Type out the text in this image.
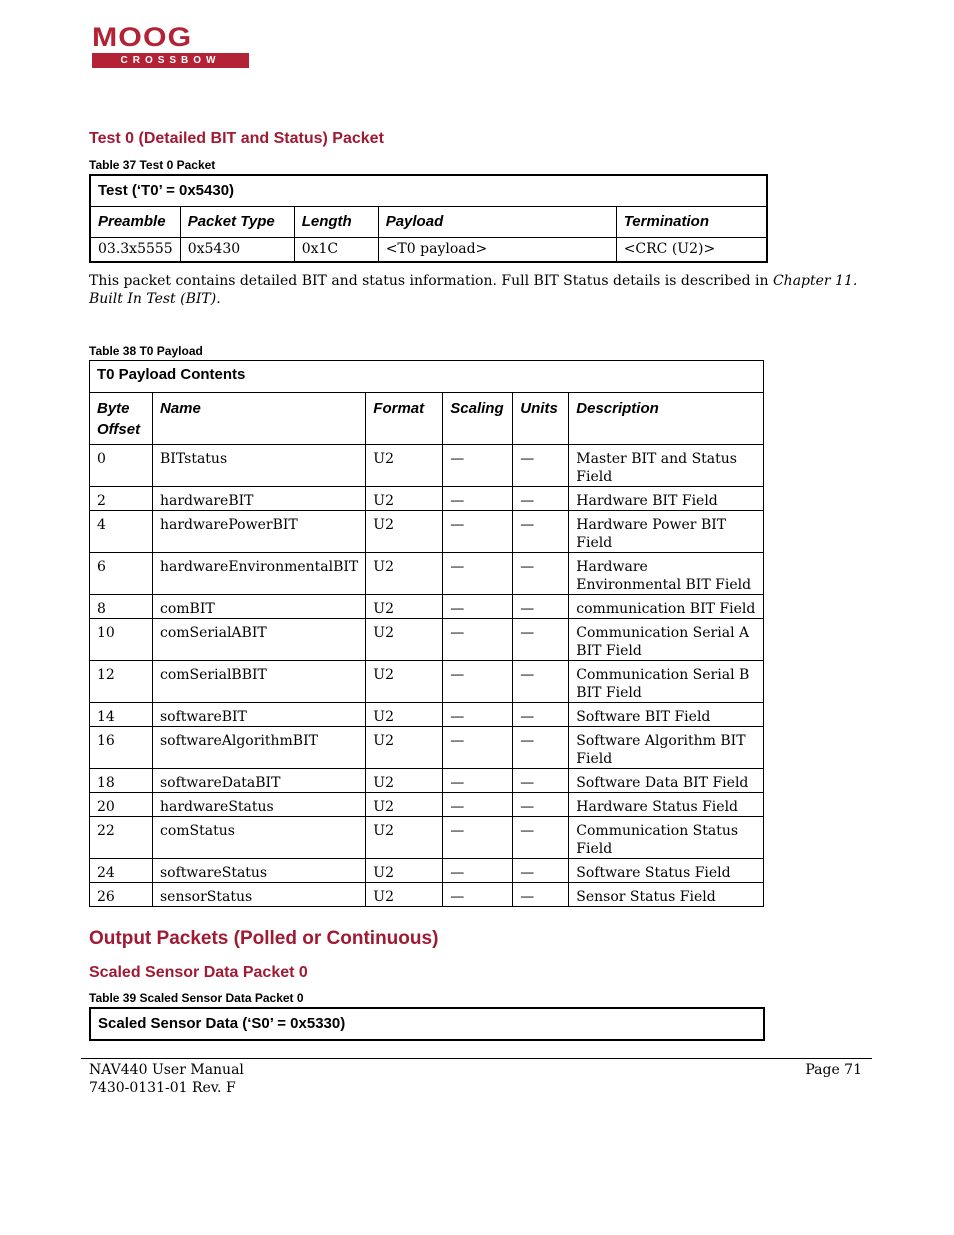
MOOG
CROSSBOW
Test 0 (Detailed BIT and Status) Packet
Table 37 Test 0 Packet
Test (‘T0’ = 0x5430)				
Preamble	Packet Type	Length	Payload	Termination
03.3x5555	0x5430	0x1C	<T0 payload>	<CRC (U2)>
This packet contains detailed BIT and status information. Full BIT Status details is described in Chapter 11. Built In Test (BIT).
Table 38 T0 Payload
T0 Payload Contents					
Byte Offset	Name	Format	Scaling	Units	Description
0	BITstatus	U2	—	—	Master BIT and Status Field
2	hardwareBIT	U2	—	—	Hardware BIT Field
4	hardwarePowerBIT	U2	—	—	Hardware Power BIT Field
6	hardwareEnvironmentalBIT	U2	—	—	Hardware Environmental BIT Field
8	comBIT	U2	—	—	communication BIT Field
10	comSerialABIT	U2	—	—	Communication Serial A BIT Field
12	comSerialBBIT	U2	—	—	Communication Serial B BIT Field
14	softwareBIT	U2	—	—	Software BIT Field
16	softwareAlgorithmBIT	U2	—	—	Software Algorithm BIT Field
18	softwareDataBIT	U2	—	—	Software Data BIT Field
20	hardwareStatus	U2	—	—	Hardware Status Field
22	comStatus	U2	—	—	Communication Status Field
24	softwareStatus	U2	—	—	Software Status Field
26	sensorStatus	U2	—	—	Sensor Status Field
Output Packets (Polled or Continuous)
Scaled Sensor Data Packet 0
Table 39 Scaled Sensor Data Packet 0
Scaled Sensor Data (‘S0’ = 0x5330)
NAV440 User Manual
7430-0131-01 Rev. F
Page 71
